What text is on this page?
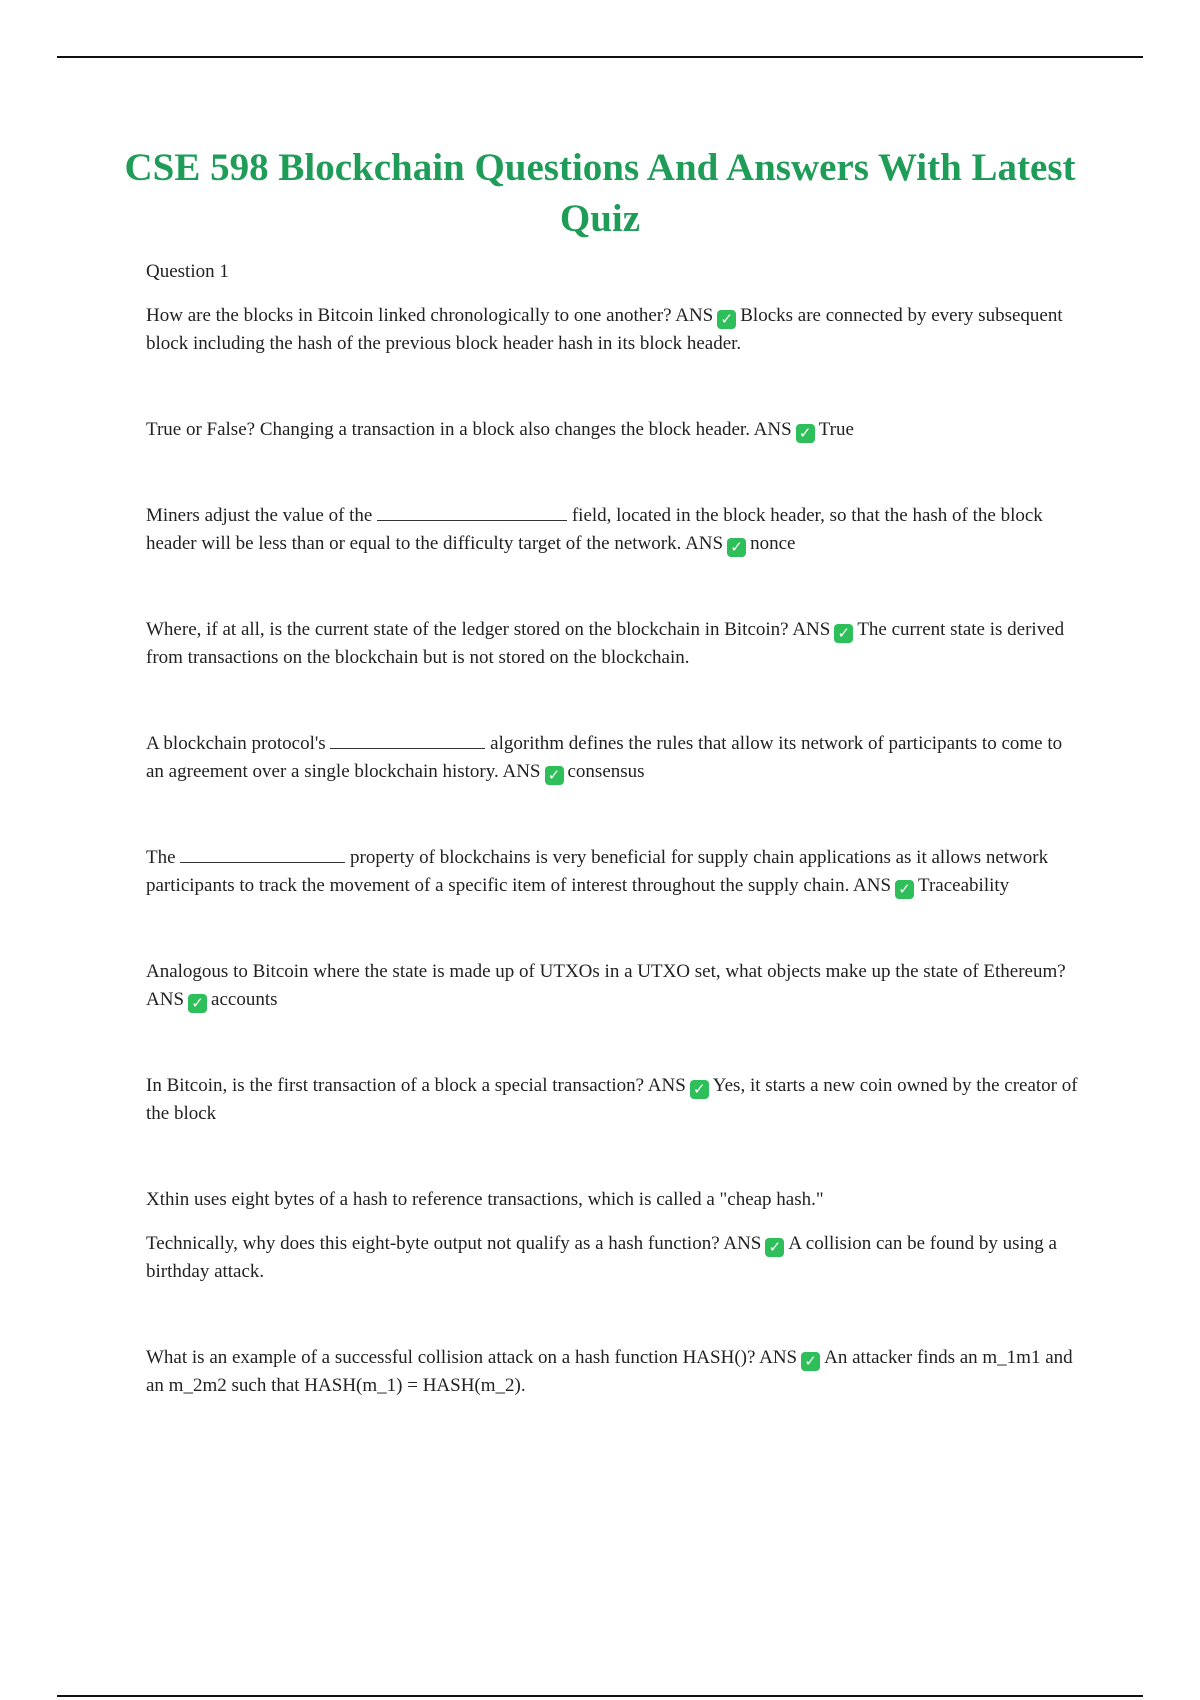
CSE 598 Blockchain Questions And Answers With Latest Quiz

Question 1

How are the blocks in Bitcoin linked chronologically to one another? ANS ✓ Blocks are connected by every subsequent block including the hash of the previous block header hash in its block header.

True or False? Changing a transaction in a block also changes the block header. ANS ✓ True

Miners adjust the value of the	field, located in the block header, so that the hash of the block header will be less than or equal to the difficulty target of the network. ANS ✓ nonce

Where, if at all, is the current state of the ledger stored on the blockchain in Bitcoin? ANS ✓ The current state is derived from transactions on the blockchain but is not stored on the blockchain.

A blockchain protocol's	algorithm defines the rules that allow its network of participants to come to an agreement over a single blockchain history. ANS ✓ consensus

The	property of blockchains is very beneficial for supply chain applications as it allows network participants to track the movement of a specific item of interest throughout the supply chain. ANS ✓ Traceability

Analogous to Bitcoin where the state is made up of UTXOs in a UTXO set, what objects make up the state of Ethereum? ANS ✓ accounts

In Bitcoin, is the first transaction of a block a special transaction? ANS ✓ Yes, it starts a new coin owned by the creator of the block

Xthin uses eight bytes of a hash to reference transactions, which is called a "cheap hash."

Technically, why does this eight-byte output not qualify as a hash function? ANS ✓ A collision can be found by using a birthday attack.

What is an example of a successful collision attack on a hash function HASH()? ANS ✓ An attacker finds an m_1m1 and an m_2m2 such that HASH(m_1) = HASH(m_2).
